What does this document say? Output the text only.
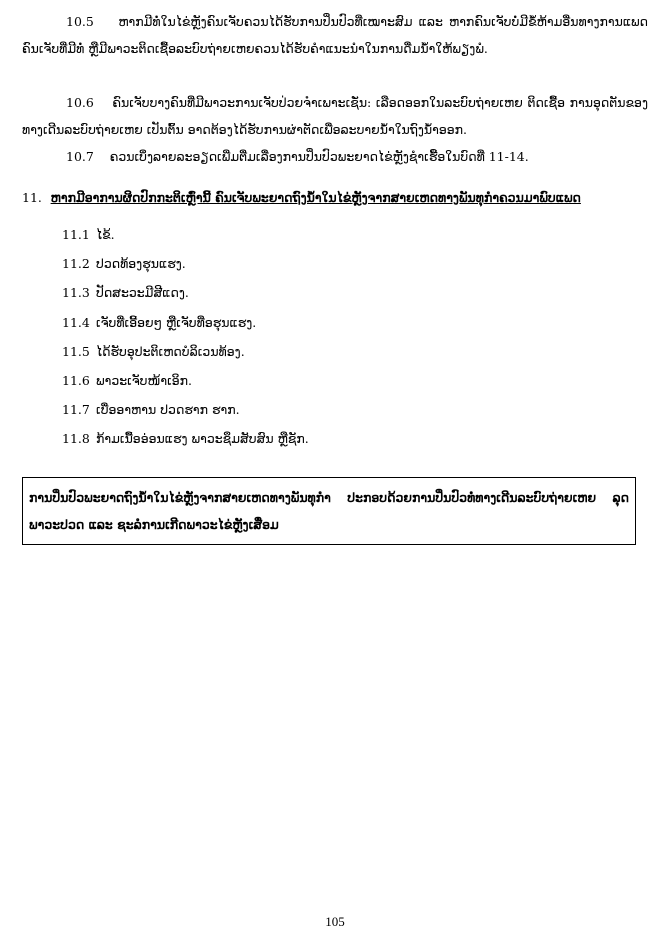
10.5 ຫາກມີທໍ່ໃນໄຂ່ຫຼັງຄົນເຈັບຄວນໄດ້ຮັບການປິ່ນປົວທີ່ເໝາະສົມ ແລະ ຫາກຄົນເຈັບບໍ່ມີຂໍ້ຫ້າມອື່ນທາງການແພດ ຄົນເຈັບທີ່ມີທໍ່ ຫຼືມີພາວະຕິດເຊື້ອລະບົບຖ່າຍເຫຍຄວນໄດ້ຮັບຄຳແນະນຳໃນການດື່ມນ້ຳໃຫ້ພຽງພໍ.

10.6 ຄົນເຈັບບາງຄົນທີ່ມີພາວະການເຈັບປ່ວຍຈຳເພາະເຊັ່ນ: ເລືອດອອກໃນລະບົບຖ່າຍເຫຍ ຕິດເຊື້ອ ການອຸດຕັນຂອງທາງເດີນລະບົບຖ່າຍເຫຍ ເປັນຕົ້ນ ອາດຕ້ອງໄດ້ຮັບການຜ່າຕັດເພື່ອລະບາຍນ້ຳໃນຖົງນ້ຳອອກ.

10.7 ຄວນເບິ່ງລາຍລະອຽດເພີ່ມຕື່ມເລື່ອງການປິ່ນປົວພະຍາດໄຂ່ຫຼັງຊໍາເຮື້ອໃນບົດທີ່ 11-14.

11. ຫາກມີອາການຜິດປົກກະຕິເຫຼົ່ານີ້ ຄົນເຈັບພະຍາດຖົງນ້ຳໃນໄຂ່ຫຼັງຈາກສາຍເຫດທາງພັນທຸກຳຄວນມາພົບແພດ

11.1 ໄຂ້.
11.2 ປວດທ້ອງຮຸນແຮງ.
11.3 ປັດສະວະມີສີແດງ.
11.4 ເຈັບທີ່ເອີ້ອຍໆ ຫຼືເຈັບທີ່ອຮຸນແຮງ.
11.5 ໄດ້ຮັບອຸປະຕິເຫດບໍລິເວນທ້ອງ.
11.6 ພາວະເຈັບໜ້າເອິກ.
11.7 ເບື່ອອາຫານ ປວດຮາກ ຮາກ.
11.8 ກ້າມເນື້ອອ່ອນແຮງ ພາວະຊຶມສັບສົນ ຫຼືຊັກ.
ການປິ່ນປົວພະຍາດຖົງນ້ຳໃນໄຂ່ຫຼັງຈາກສາຍເຫດທາງພັນທຸກຳ ປະກອບດ້ວຍການປິ່ນປົວທໍ່ທາງເດີນລະບົບຖ່າຍເຫຍ ລຸດພາວະປວດ ແລະ ຊະລໍການເກີດພາວະໄຂ່ຫຼັງເສື່ອມ
105
